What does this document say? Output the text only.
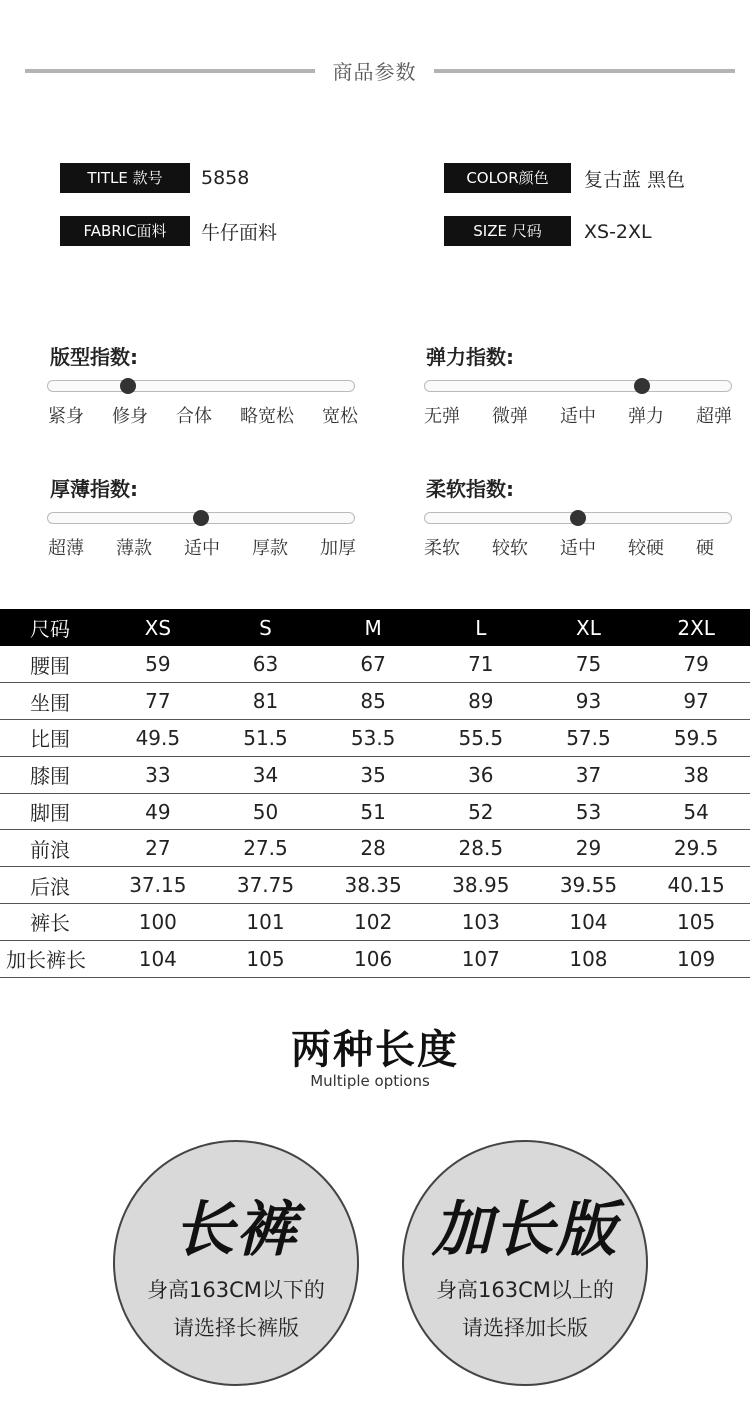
商品参数
TITLE 款号	5858
FABRIC面料	牛仔面料
COLOR颜色	复古蓝 黑色
SIZE 尺码	XS-2XL
版型指数:
紧身 修身 合体 略宽松 宽松
弹力指数:
无弹 微弹 适中 弹力 超弹
厚薄指数:
超薄 薄款 适中 厚款 加厚
柔软指数:
柔软 较软 适中 较硬 硬
尺码	XS	S	M	L	XL	2XL
腰围	59	63	67	71	75	79
坐围	77	81	85	89	93	97
比围	49.5	51.5	53.5	55.5	57.5	59.5
膝围	33	34	35	36	37	38
脚围	49	50	51	52	53	54
前浪	27	27.5	28	28.5	29	29.5
后浪	37.15	37.75	38.35	38.95	39.55	40.15
裤长	100	101	102	103	104	105
加长裤长	104	105	106	107	108	109
两种长度
Multiple options
长裤
身高163CM以下的
请选择长裤版
加长版
身高163CM以上的
请选择加长版
